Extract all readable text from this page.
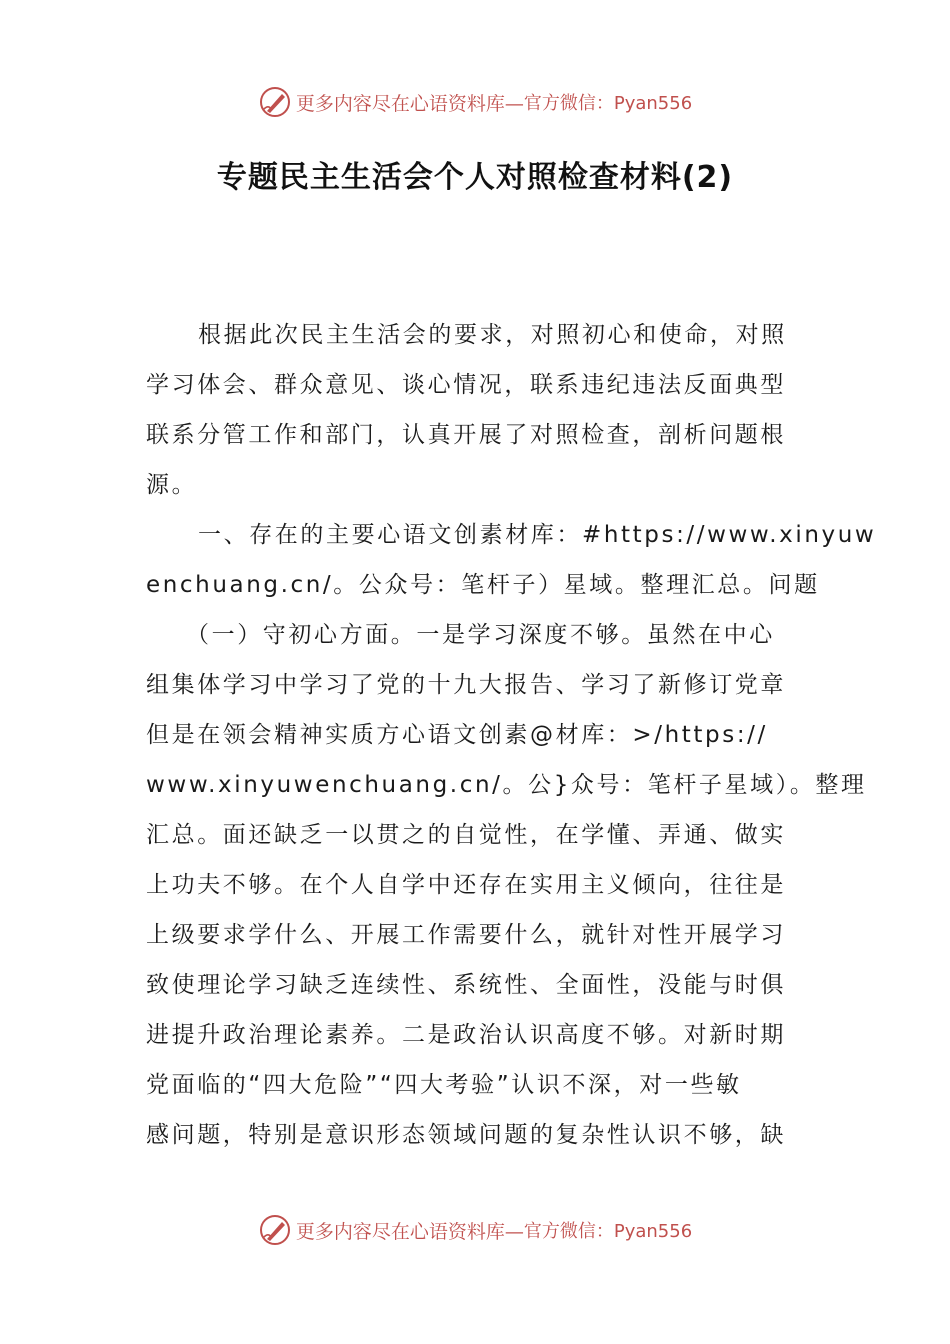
更多内容尽在心语资料库— 官方微信：Pyan556
专题民主生活会个人对照检查材料(2)
根据此次民主生活会的要求，对照初心和使命，对照
学习体会、群众意见、谈心情况，联系违纪违法反面典型
联系分管工作和部门，认真开展了对照检查，剖析问题根
源。
一、存在的主要心语文创素材库：#https://www.xinyuw
enchuang.cn/。公众号：笔杆子）星域。整理汇总。问题
（一）守初心方面。一是学习深度不够。虽然在中心
组集体学习中学习了党的十九大报告、学习了新修订党章
但是在领会精神实质方心语文创素@材库：>/https://
www.xinyuwenchuang.cn/。公}众号：笔杆子星域）。整理
汇总。面还缺乏一以贯之的自觉性，在学懂、弄通、做实
上功夫不够。在个人自学中还存在实用主义倾向，往往是
上级要求学什么、开展工作需要什么，就针对性开展学习
致使理论学习缺乏连续性、系统性、全面性，没能与时俱
进提升政治理论素养。二是政治认识高度不够。对新时期
党面临的“四大危险”“四大考验”认识不深，对一些敏
感问题，特别是意识形态领域问题的复杂性认识不够，缺
更多内容尽在心语资料库— 官方微信：Pyan556
